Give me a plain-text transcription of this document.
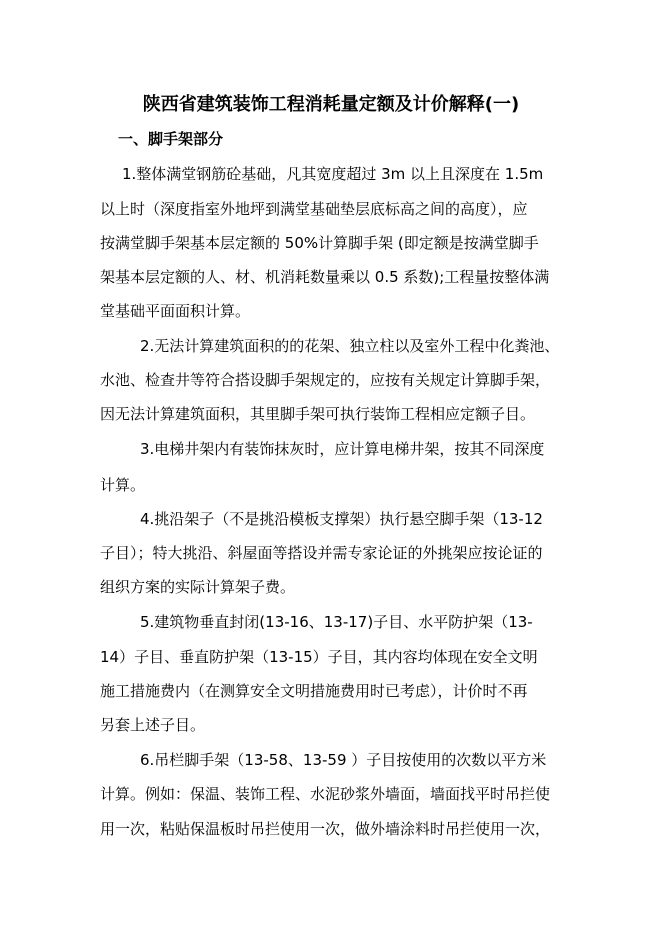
陕西省建筑装饰工程消耗量定额及计价解释(一)
一、脚手架部分
1.整体满堂钢筋砼基础，凡其宽度超过 3m 以上且深度在 1.5m
以上时（深度指室外地坪到满堂基础垫层底标高之间的高度），应
按满堂脚手架基本层定额的 50%计算脚手架 (即定额是按满堂脚手
架基本层定额的人、材、机消耗数量乘以 0.5 系数);工程量按整体满
堂基础平面面积计算。
2.无法计算建筑面积的的花架、独立柱以及室外工程中化粪池、
水池、检查井等符合搭设脚手架规定的，应按有关规定计算脚手架，
因无法计算建筑面积，其里脚手架可执行装饰工程相应定额子目。
3.电梯井架内有装饰抹灰时，应计算电梯井架，按其不同深度
计算。
4.挑沿架子（不是挑沿模板支撑架）执行悬空脚手架（13-12
子目）；特大挑沿、斜屋面等搭设并需专家论证的外挑架应按论证的
组织方案的实际计算架子费。
5.建筑物垂直封闭(13-16、13-17)子目、水平防护架（13-
14）子目、垂直防护架（13-15）子目，其内容均体现在安全文明
施工措施费内（在测算安全文明措施费用时已考虑），计价时不再
另套上述子目。
6.吊栏脚手架（13-58、13-59 ）子目按使用的次数以平方米
计算。例如：保温、装饰工程、水泥砂浆外墙面，墙面找平时吊拦使
用一次，粘贴保温板时吊拦使用一次，做外墙涂料时吊拦使用一次，
